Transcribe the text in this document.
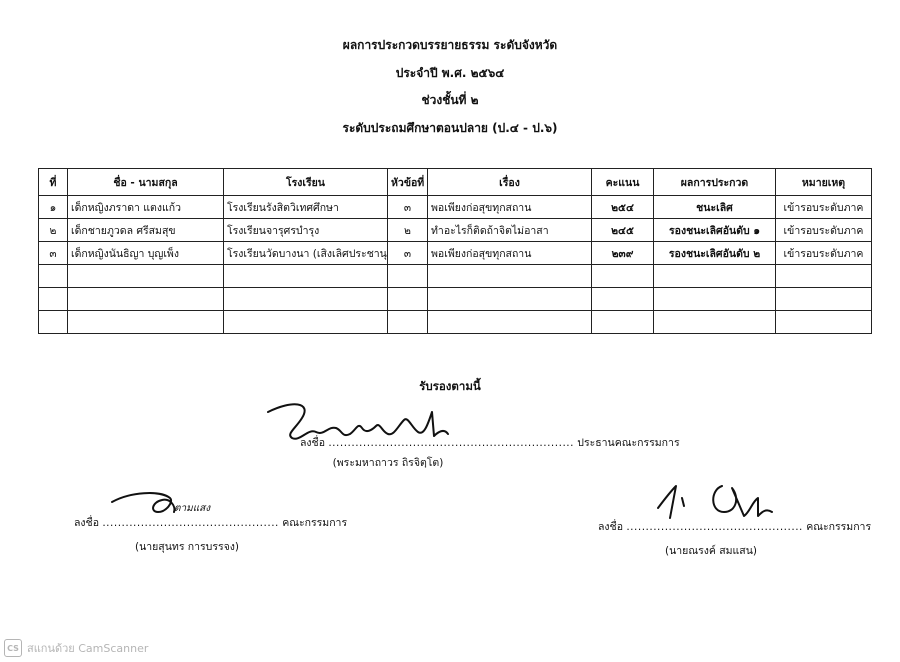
ผลการประกวดบรรยายธรรม ระดับจังหวัด
ประจำปี พ.ศ. ๒๕๖๔
ช่วงชั้นที่ ๒
ระดับประถมศึกษาตอนปลาย (ป.๔ - ป.๖)
ที่	ชื่อ - นามสกุล	โรงเรียน	หัวข้อที่	เรื่อง	คะแนน	ผลการประกวด	หมายเหตุ
๑	เด็กหญิงภราดา แตงแก้ว	โรงเรียนรังสิตวิเทศศึกษา	๓	พอเพียงก่อสุขทุกสถาน	๒๕๔	ชนะเลิศ	เข้ารอบระดับภาค
๒	เด็กชายภูวดล ศรีสมสุข	โรงเรียนจารุศรบำรุง	๒	ทำอะไรก็ติดถ้าจิตไม่อาสา	๒๔๕	รองชนะเลิศอันดับ ๑	เข้ารอบระดับภาค
๓	เด็กหญิงนันธิญา บุญเพ็ง	โรงเรียนวัดบางนา (เสิงเลิศประชานุ	๓	พอเพียงก่อสุขทุกสถาน	๒๓๙	รองชนะเลิศอันดับ ๒	เข้ารอบระดับภาค

รับรองตามนี้
ลงชื่อ ................................................................ ประธานคณะกรรมการ
(พระมหาถาวร ถิรจิตฺโต)
ตามแสง
ลงชื่อ .............................................. คณะกรรมการ
(นายสุนทร การบรรจง)
ลงชื่อ .............................................. คณะกรรมการ
(นายณรงค์ สมแสน)
CS สแกนด้วย CamScanner
